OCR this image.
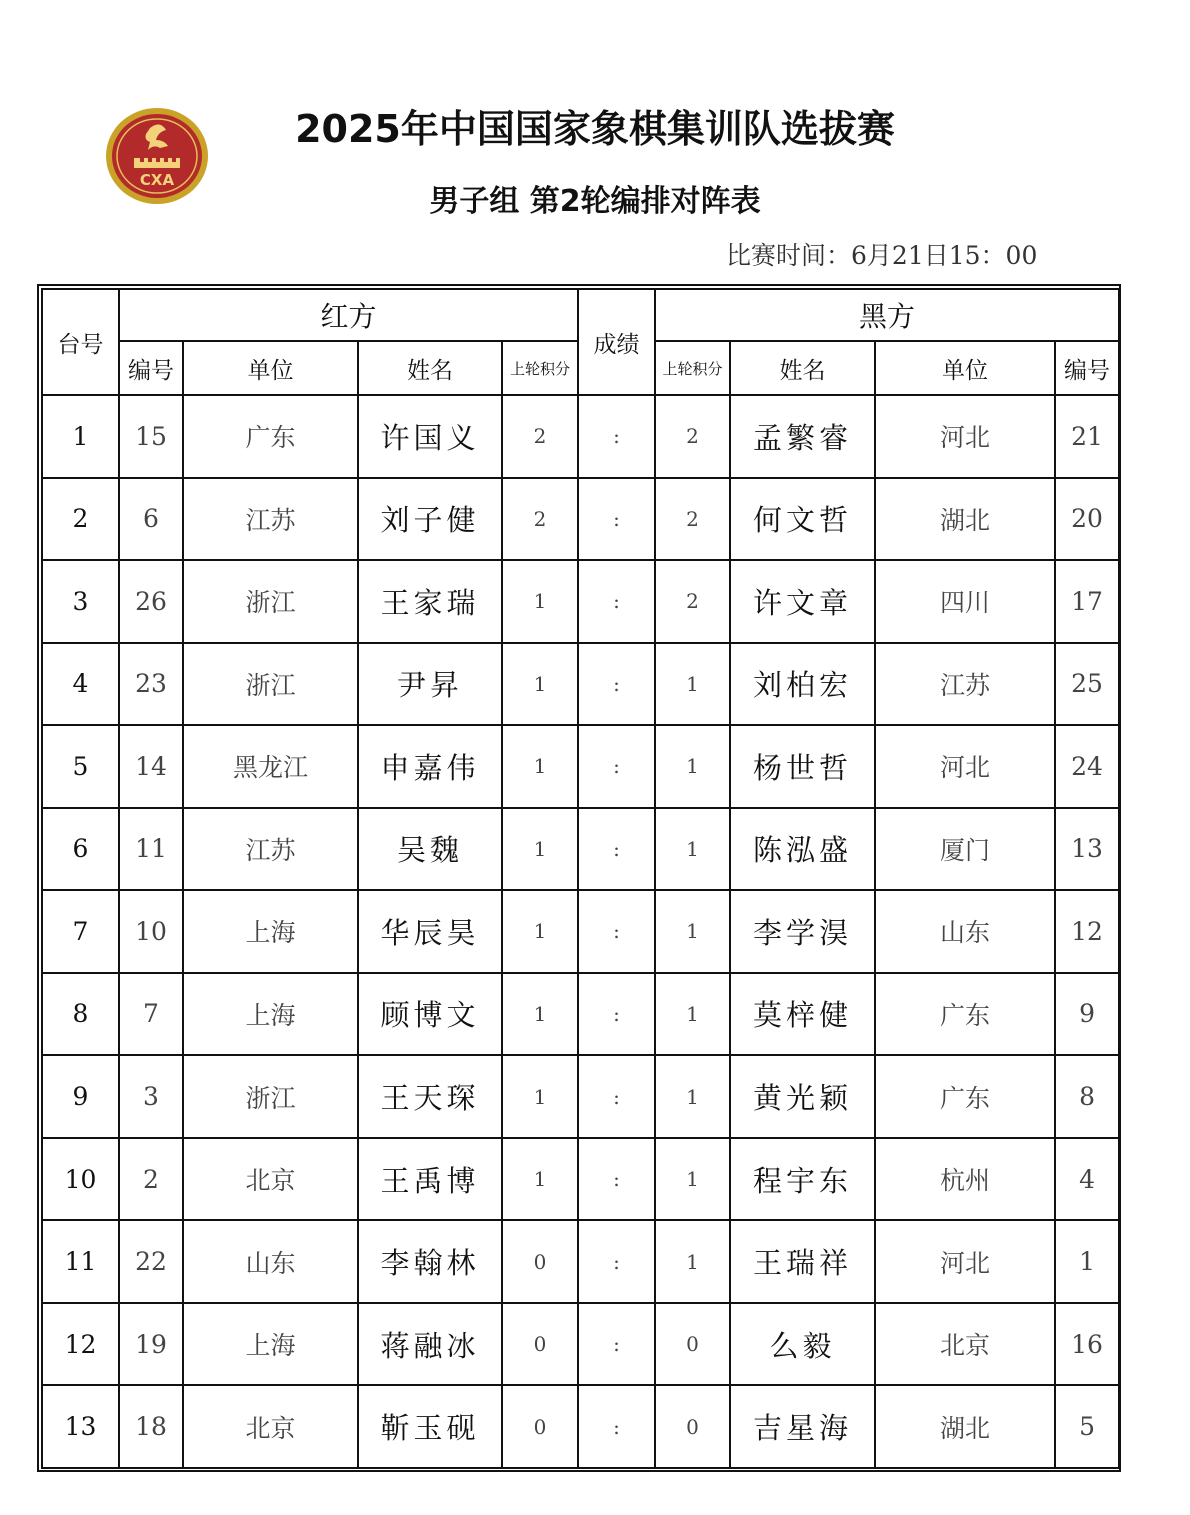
CXA
2025年中国国家象棋集训队选拔赛
男子组 第2轮编排对阵表
比赛时间：6月21日15：00
台号	红方				成绩	黑方			
	编号	单位	姓名	上轮积分		上轮积分	姓名	单位	编号
1	15	广东	许国义	2	:	2	孟繁睿	河北	21
2	6	江苏	刘子健	2	:	2	何文哲	湖北	20
3	26	浙江	王家瑞	1	:	2	许文章	四川	17
4	23	浙江	尹昇	1	:	1	刘柏宏	江苏	25
5	14	黑龙江	申嘉伟	1	:	1	杨世哲	河北	24
6	11	江苏	吴魏	1	:	1	陈泓盛	厦门	13
7	10	上海	华辰昊	1	:	1	李学淏	山东	12
8	7	上海	顾博文	1	:	1	莫梓健	广东	9
9	3	浙江	王天琛	1	:	1	黄光颖	广东	8
10	2	北京	王禹博	1	:	1	程宇东	杭州	4
11	22	山东	李翰林	0	:	1	王瑞祥	河北	1
12	19	上海	蒋融冰	0	:	0	么毅	北京	16
13	18	北京	靳玉砚	0	:	0	吉星海	湖北	5
